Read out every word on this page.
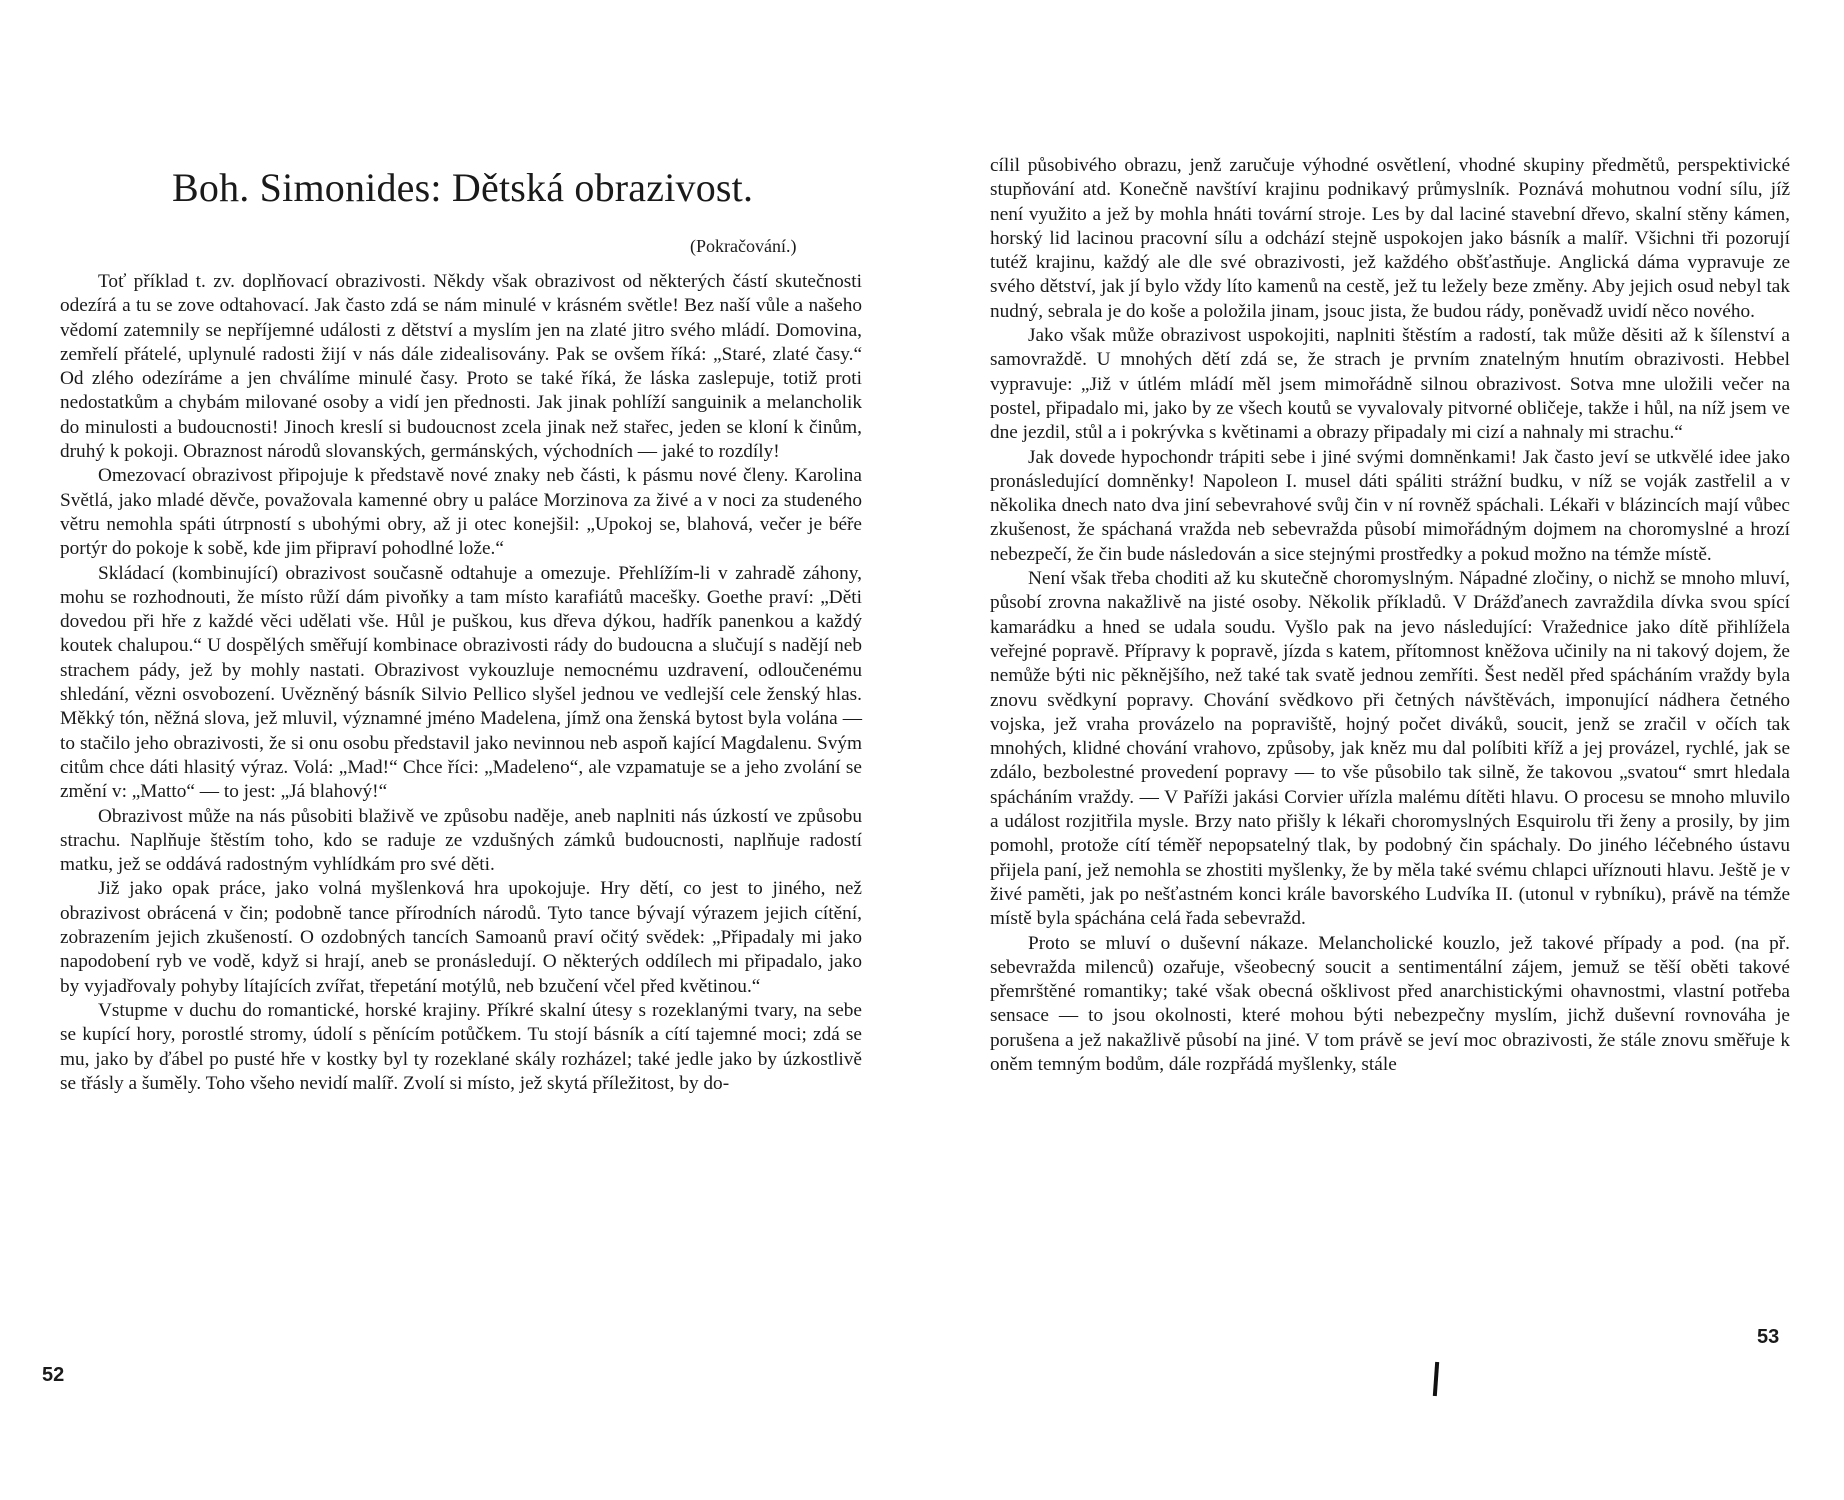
Boh. Simonides: Dětská obrazivost.
(Pokračování.)

Toť příklad t. zv. doplňovací obrazivosti. Někdy však obrazivost od některých částí skutečnosti odezírá a tu se zove odtahovací. Jak často zdá se nám minulé v krásném světle! Bez naší vůle a našeho vědomí zatemnily se nepříjemné události z dětství a myslím jen na zlaté jitro svého mládí. Domovina, zemřelí přátelé, uplynulé radosti žijí v nás dále zidealisovány. Pak se ovšem říká: „Staré, zlaté časy.“ Od zlého odezíráme a jen chválíme minulé časy. Proto se také říká, že láska zaslepuje, totiž proti nedostatkům a chybám milované osoby a vidí jen přednosti. Jak jinak pohlíží sanguinik a melancholik do minulosti a budoucnosti! Jinoch kreslí si budoucnost zcela jinak než stařec, jeden se kloní k činům, druhý k pokoji. Obraznost národů slovanských, germánských, východních — jaké to rozdíly!

Omezovací obrazivost připojuje k představě nové znaky neb části, k pásmu nové členy. Karolina Světlá, jako mladé děvče, považovala kamenné obry u paláce Morzinova za živé a v noci za studeného větru nemohla spáti útrpností s ubohými obry, až ji otec konejšil: „Upokoj se, blahová, večer je béře portýr do pokoje k sobě, kde jim připraví pohodlné lože.“

Skládací (kombinující) obrazivost současně odtahuje a omezuje. Přehlížím-li v zahradě záhony, mohu se rozhodnouti, že místo růží dám pivoňky a tam místo karafiátů macešky. Goethe praví: „Děti dovedou při hře z každé věci udělati vše. Hůl je puškou, kus dřeva dýkou, hadřík panenkou a každý koutek chalupou.“ U dospělých směřují kombinace obrazivosti rády do budoucna a slučují s nadějí neb strachem pády, jež by mohly nastati. Obrazivost vykouzluje nemocnému uzdravení, odloučenému shledání, vězni osvobození. Uvězněný básník Silvio Pellico slyšel jednou ve vedlejší cele ženský hlas. Měkký tón, něžná slova, jež mluvil, významné jméno Madelena, jímž ona ženská bytost byla volána — to stačilo jeho obrazivosti, že si onu osobu představil jako nevinnou neb aspoň kající Magdalenu. Svým citům chce dáti hlasitý výraz. Volá: „Mad!“ Chce říci: „Madeleno“, ale vzpamatuje se a jeho zvolání se změní v: „Matto“ — to jest: „Já blahový!“

Obrazivost může na nás působiti blaživě ve způsobu naděje, aneb naplniti nás úzkostí ve způsobu strachu. Naplňuje štěstím toho, kdo se raduje ze vzdušných zámků budoucnosti, naplňuje radostí matku, jež se oddává radostným vyhlídkám pro své děti.

Již jako opak práce, jako volná myšlenková hra upokojuje. Hry dětí, co jest to jiného, než obrazivost obrácená v čin; podobně tance přírodních národů. Tyto tance bývají výrazem jejich cítění, zobrazením jejich zkušeností. O ozdobných tancích Samoanů praví očitý svědek: „Připadaly mi jako napodobení ryb ve vodě, když si hrají, aneb se pronásledují. O některých oddílech mi připadalo, jako by vyjadřovaly pohyby lítajících zvířat, třepetání motýlů, neb bzučení včel před květinou.“

Vstupme v duchu do romantické, horské krajiny. Příkré skalní útesy s rozeklanými tvary, na sebe se kupící hory, porostlé stromy, údolí s pěnícím potůčkem. Tu stojí básník a cítí tajemné moci; zdá se mu, jako by ďábel po pusté hře v kostky byl ty rozeklané skály rozházel; také jedle jako by úzkostlivě se třásly a šuměly. Toho všeho nevidí malíř. Zvolí si místo, jež skytá příležitost, by do-

52

cílil působivého obrazu, jenž zaručuje výhodné osvětlení, vhodné skupiny předmětů, perspektivické stupňování atd. Konečně navštíví krajinu podnikavý průmyslník. Poznává mohutnou vodní sílu, jíž není využito a jež by mohla hnáti tovární stroje. Les by dal laciné stavební dřevo, skalní stěny kámen, horský lid lacinou pracovní sílu a odchází stejně uspokojen jako básník a malíř. Všichni tři pozorují tutéž krajinu, každý ale dle své obrazivosti, jež každého obšťastňuje. Anglická dáma vypravuje ze svého dětství, jak jí bylo vždy líto kamenů na cestě, jež tu ležely beze změny. Aby jejich osud nebyl tak nudný, sebrala je do koše a položila jinam, jsouc jista, že budou rády, poněvadž uvidí něco nového.

Jako však může obrazivost uspokojiti, naplniti štěstím a radostí, tak může děsiti až k šílenství a samovraždě. U mnohých dětí zdá se, že strach je prvním znatelným hnutím obrazivosti. Hebbel vypravuje: „Již v útlém mládí měl jsem mimořádně silnou obrazivost. Sotva mne uložili večer na postel, připadalo mi, jako by ze všech koutů se vyvalovaly pitvorné obličeje, takže i hůl, na níž jsem ve dne jezdil, stůl a i pokrývka s květinami a obrazy připadaly mi cizí a nahnaly mi strachu.“

Jak dovede hypochondr trápiti sebe i jiné svými domněnkami! Jak často jeví se utkvělé idee jako pronásledující domněnky! Napoleon I. musel dáti spáliti strážní budku, v níž se voják zastřelil a v několika dnech nato dva jiní sebevrahové svůj čin v ní rovněž spáchali. Lékaři v blázincích mají vůbec zkušenost, že spáchaná vražda neb sebevražda působí mimořádným dojmem na choromyslné a hrozí nebezpečí, že čin bude následován a sice stejnými prostředky a pokud možno na témže místě.

Není však třeba choditi až ku skutečně choromyslným. Nápadné zločiny, o nichž se mnoho mluví, působí zrovna nakažlivě na jisté osoby. Několik příkladů. V Drážďanech zavraždila dívka svou spící kamarádku a hned se udala soudu. Vyšlo pak na jevo následující: Vražednice jako dítě přihlížela veřejné popravě. Přípravy k popravě, jízda s katem, přítomnost kněžova učinily na ni takový dojem, že nemůže býti nic pěknějšího, než také tak svatě jednou zemříti. Šest neděl před spácháním vraždy byla znovu svědkyní popravy. Chování svědkovo při četných návštěvách, imponující nádhera četného vojska, jež vraha provázelo na popraviště, hojný počet diváků, soucit, jenž se zračil v očích tak mnohých, klidné chování vrahovo, způsoby, jak kněz mu dal políbiti kříž a jej provázel, rychlé, jak se zdálo, bezbolestné provedení popravy — to vše působilo tak silně, že takovou „svatou“ smrt hledala spácháním vraždy. — V Paříži jakási Corvier uřízla malému dítěti hlavu. O procesu se mnoho mluvilo a událost rozjitřila mysle. Brzy nato přišly k lékaři choromyslných Esquirolu tři ženy a prosily, by jim pomohl, protože cítí téměř nepopsatelný tlak, by podobný čin spáchaly. Do jiného léčebného ústavu přijela paní, jež nemohla se zhostiti myšlenky, že by měla také svému chlapci uříznouti hlavu. Ještě je v živé paměti, jak po nešťastném konci krále bavorského Ludvíka II. (utonul v rybníku), právě na témže místě byla spáchána celá řada sebevražd.

Proto se mluví o duševní nákaze. Melancholické kouzlo, jež takové případy a pod. (na př. sebevražda milenců) ozařuje, všeobecný soucit a sentimentální zájem, jemuž se těší oběti takové přemrštěné romantiky; také však obecná ošklivost před anarchistickými ohavnostmi, vlastní potřeba sensace — to jsou okolnosti, které mohou býti nebezpečny myslím, jichž duševní rovnováha je porušena a jež nakažlivě působí na jiné. V tom právě se jeví moc obrazivosti, že stále znovu směřuje k oněm temným bodům, dále rozpřádá myšlenky, stále

53
